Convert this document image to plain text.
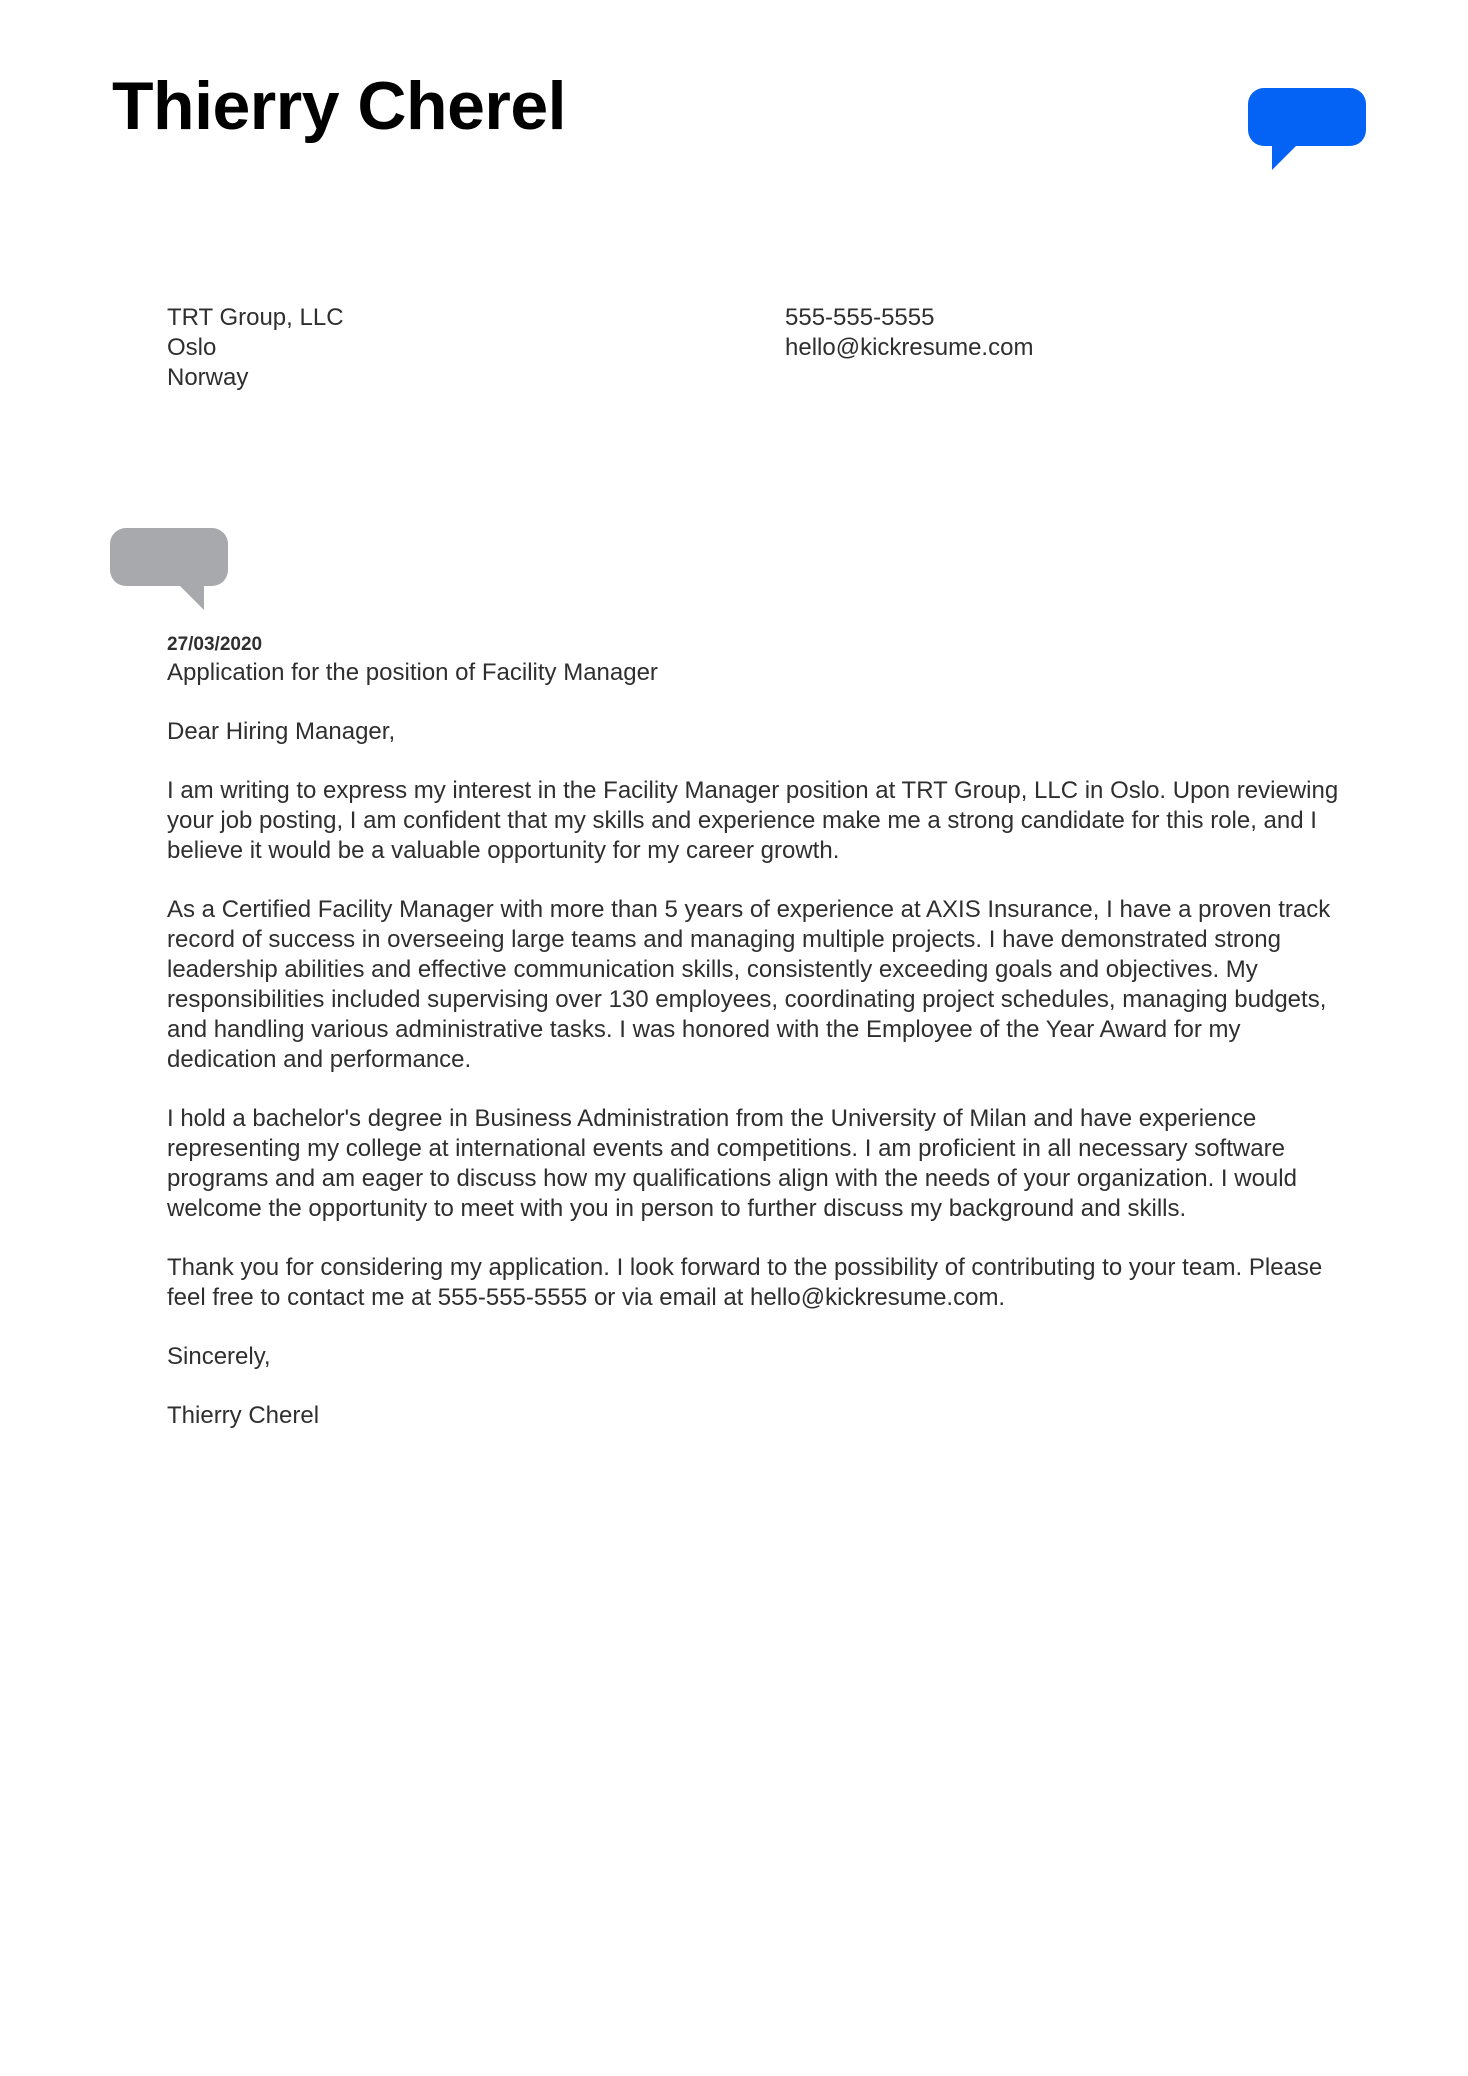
Thierry Cherel
TRT Group, LLC
Oslo
Norway
555-555-5555
hello@kickresume.com
27/03/2020
Application for the position of Facility Manager
Dear Hiring Manager,

I am writing to express my interest in the Facility Manager position at TRT Group, LLC in Oslo. Upon reviewing your job posting, I am confident that my skills and experience make me a strong candidate for this role, and I believe it would be a valuable opportunity for my career growth.

As a Certified Facility Manager with more than 5 years of experience at AXIS Insurance, I have a proven track record of success in overseeing large teams and managing multiple projects. I have demonstrated strong leadership abilities and effective communication skills, consistently exceeding goals and objectives. My responsibilities included supervising over 130 employees, coordinating project schedules, managing budgets, and handling various administrative tasks. I was honored with the Employee of the Year Award for my dedication and performance.

I hold a bachelor's degree in Business Administration from the University of Milan and have experience representing my college at international events and competitions. I am proficient in all necessary software programs and am eager to discuss how my qualifications align with the needs of your organization. I would welcome the opportunity to meet with you in person to further discuss my background and skills.

Thank you for considering my application. I look forward to the possibility of contributing to your team. Please feel free to contact me at 555-555-5555 or via email at hello@kickresume.com.

Sincerely,
Thierry Cherel
